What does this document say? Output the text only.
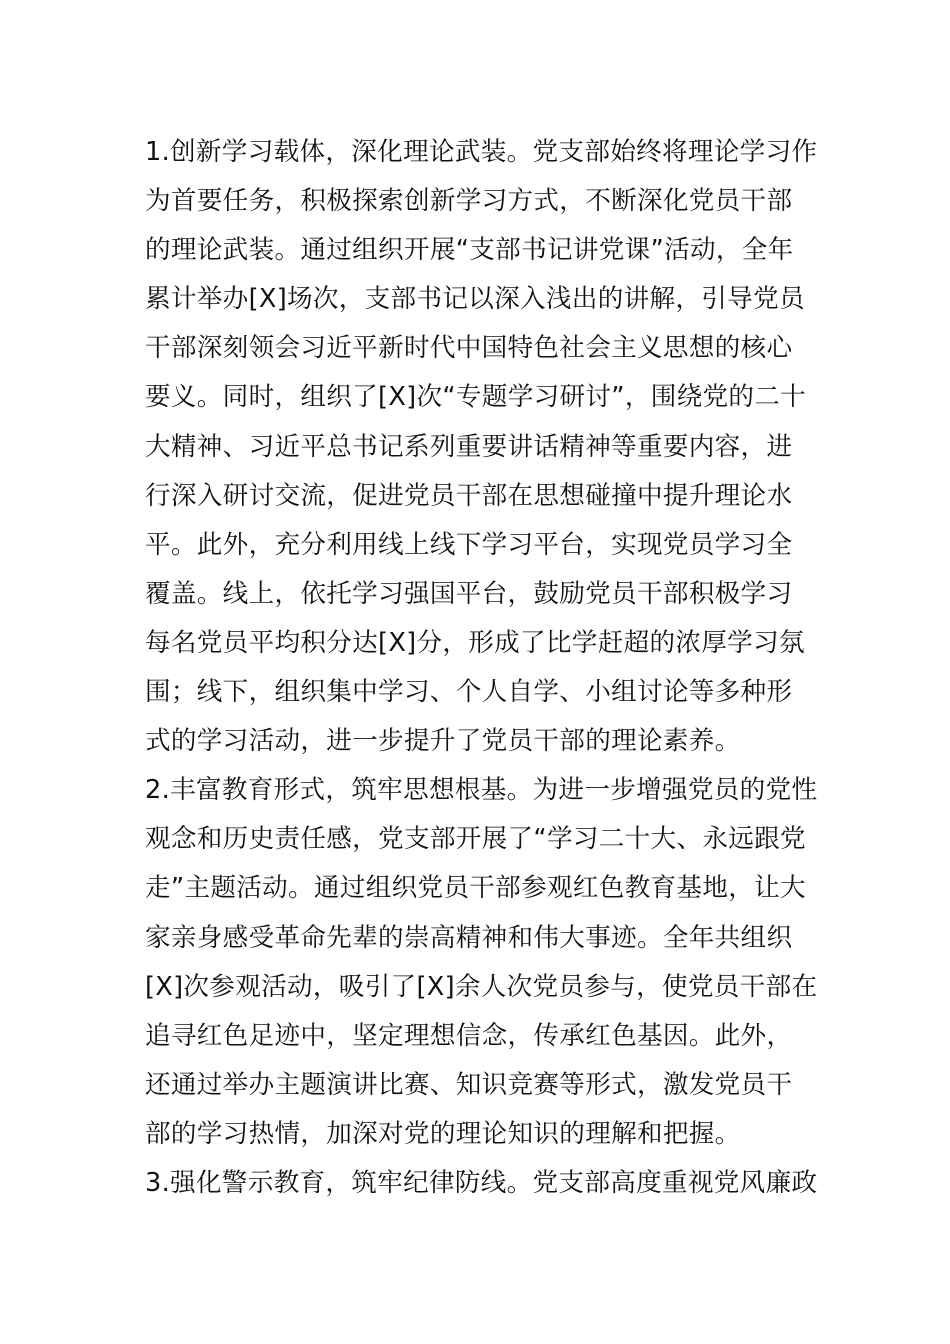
1.创新学习载体，深化理论武装。党支部始终将理论学习作
为首要任务，积极探索创新学习方式，不断深化党员干部
的理论武装。通过组织开展“支部书记讲党课”活动，全年
累计举办[X]场次，支部书记以深入浅出的讲解，引导党员
干部深刻领会习近平新时代中国特色社会主义思想的核心
要义。同时，组织了[X]次“专题学习研讨”，围绕党的二十
大精神、习近平总书记系列重要讲话精神等重要内容，进
行深入研讨交流，促进党员干部在思想碰撞中提升理论水
平。此外，充分利用线上线下学习平台，实现党员学习全
覆盖。线上，依托学习强国平台，鼓励党员干部积极学习
每名党员平均积分达[X]分，形成了比学赶超的浓厚学习氛
围；线下，组织集中学习、个人自学、小组讨论等多种形
式的学习活动，进一步提升了党员干部的理论素养。
2.丰富教育形式，筑牢思想根基。为进一步增强党员的党性
观念和历史责任感，党支部开展了“学习二十大、永远跟党
走”主题活动。通过组织党员干部参观红色教育基地，让大
家亲身感受革命先辈的崇高精神和伟大事迹。全年共组织
[X]次参观活动，吸引了[X]余人次党员参与，使党员干部在
追寻红色足迹中，坚定理想信念，传承红色基因。此外，
还通过举办主题演讲比赛、知识竞赛等形式，激发党员干
部的学习热情，加深对党的理论知识的理解和把握。
3.强化警示教育，筑牢纪律防线。党支部高度重视党风廉政
